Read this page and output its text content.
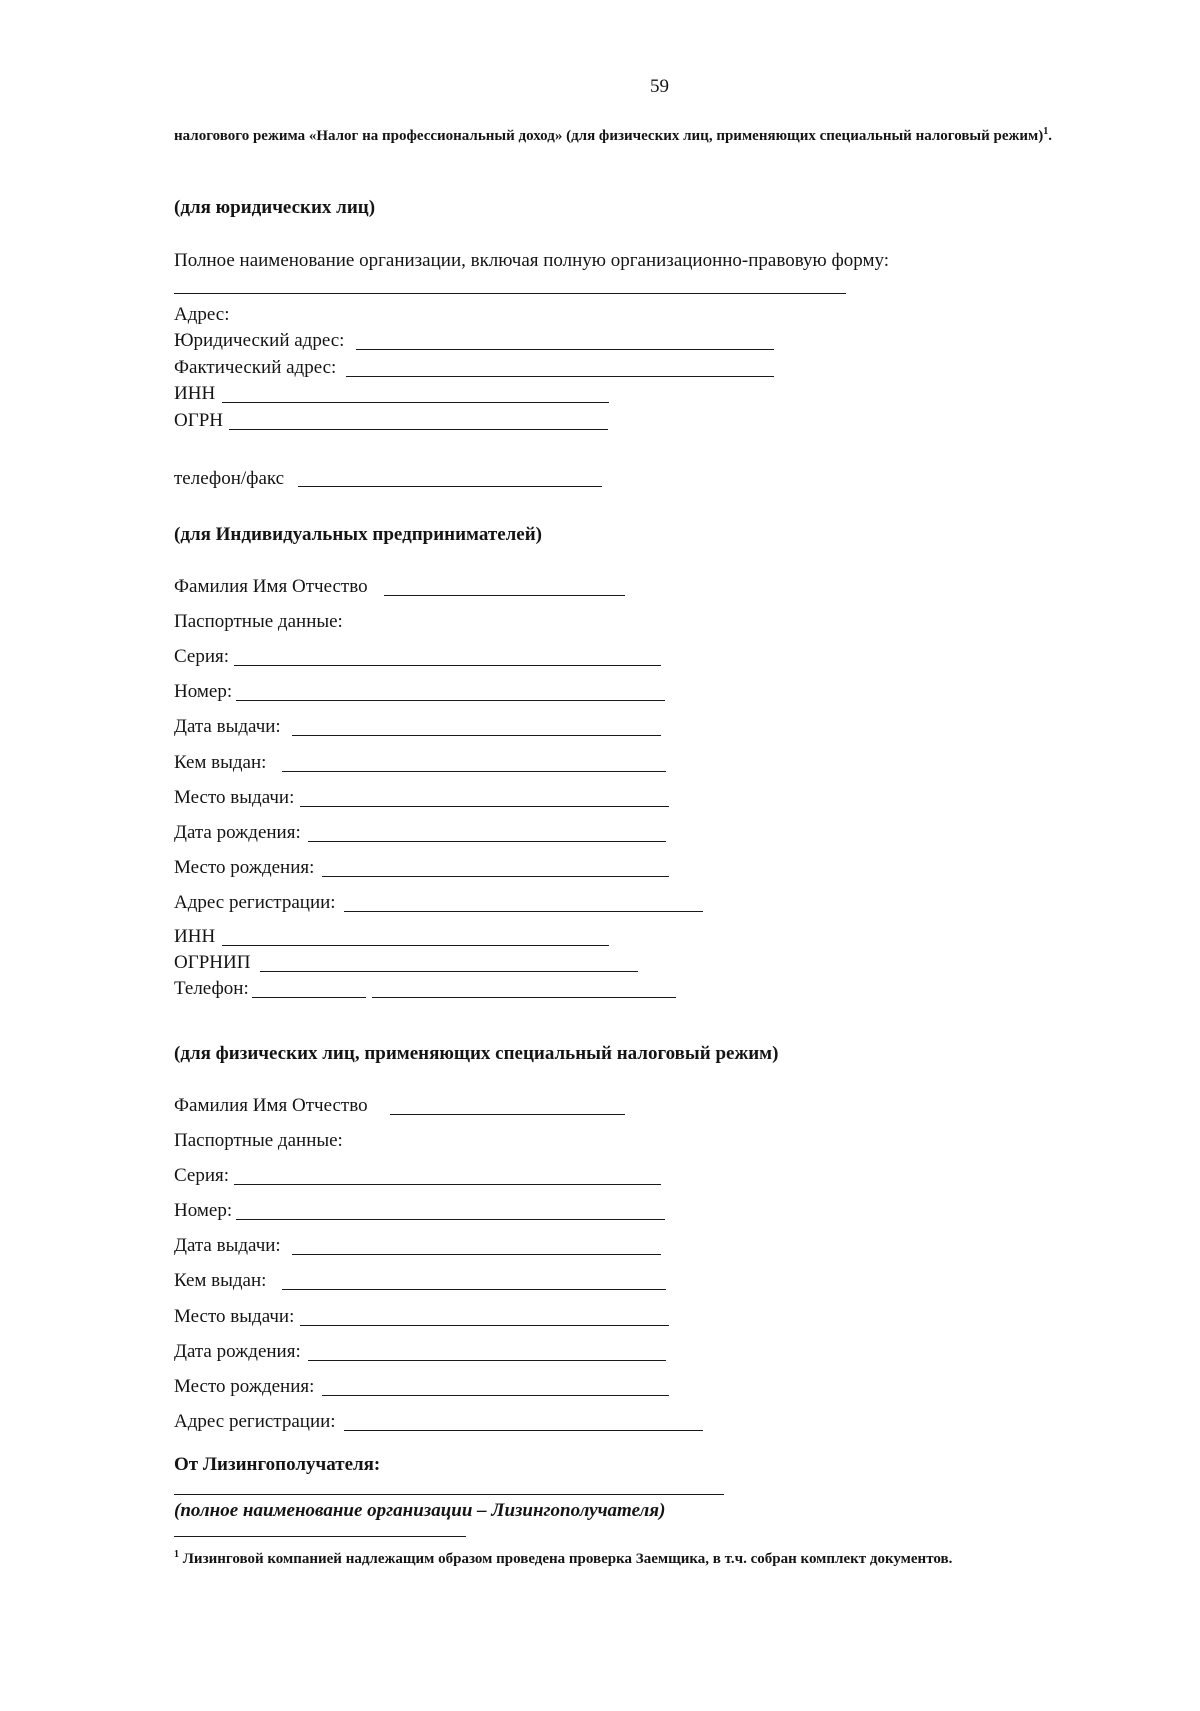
59
налогового режима «Налог на профессиональный доход» (для физических лиц, применяющих специальный налоговый режим)$^1$.
(для юридических лиц)
Полное наименование организации, включая полную организационно-правовую форму:
Адрес:
Юридический адрес:
Фактический адрес:
ИНН
ОГРН
телефон/факс
(для Индивидуальных предпринимателей)
Фамилия Имя Отчество
Паспортные данные:
Серия:
Номер:
Дата выдачи:
Кем выдан:
Место выдачи:
Дата рождения:
Место рождения:
Адрес регистрации:
ИНН
ОГРНИП
Телефон:
(для физических лиц, применяющих специальный налоговый режим)
Фамилия Имя Отчество
Паспортные данные:
Серия:
Номер:
Дата выдачи:
Кем выдан:
Место выдачи:
Дата рождения:
Место рождения:
Адрес регистрации:
От Лизингополучателя:
(полное наименование организации – Лизингополучателя)
$^1$ Лизинговой компанией надлежащим образом проведена проверка Заемщика, в т.ч. собран комплект документов.
